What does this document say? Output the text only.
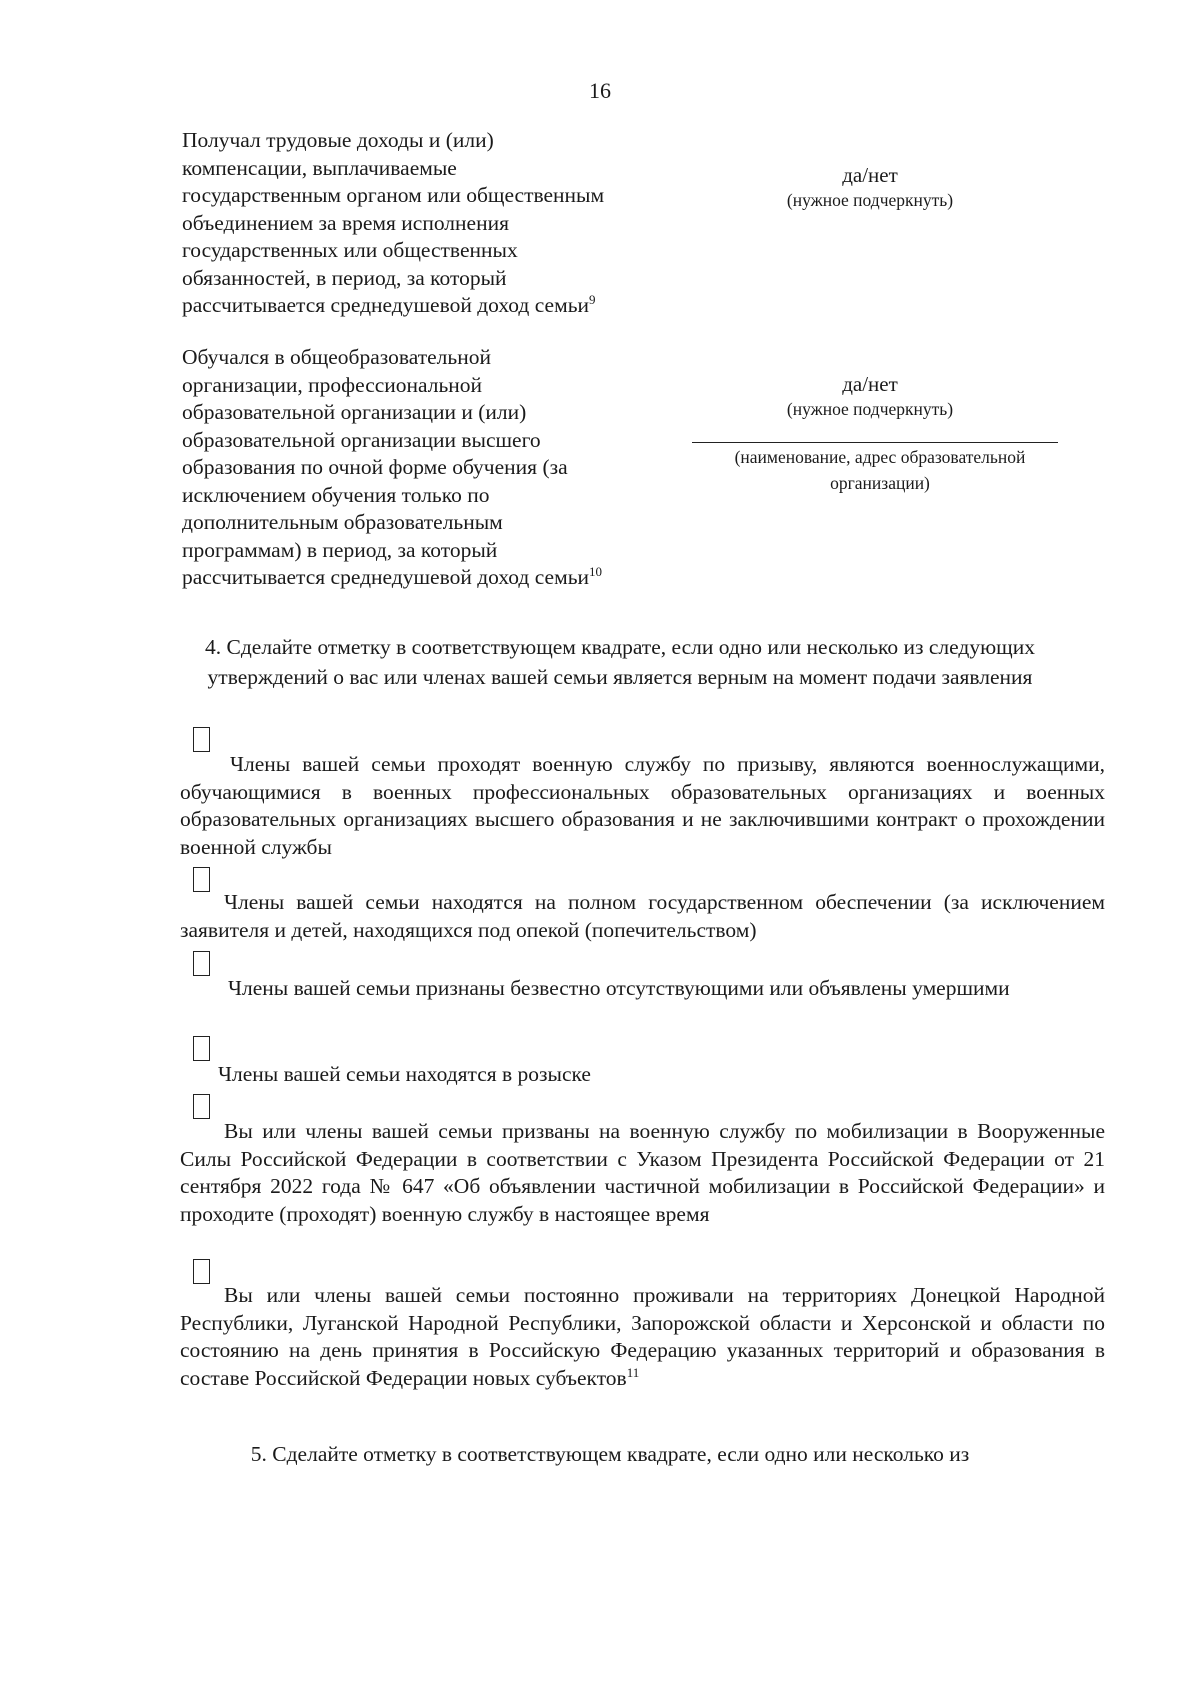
16
Получал трудовые доходы и (или) компенсации, выплачиваемые государственным органом или общественным объединением за время исполнения государственных или общественных обязанностей, в период, за который рассчитывается среднедушевой доход семьи$^9$
да/нет
(нужное подчеркнуть)
Обучался в общеобразовательной организации, профессиональной образовательной организации и (или) образовательной организации высшего образования по очной форме обучения (за исключением обучения только по дополнительным образовательным программам) в период, за который рассчитывается среднедушевой доход семьи$^{10}$
да/нет
(нужное подчеркнуть)
(наименование, адрес образовательной организации)
4. Сделайте отметку в соответствующем квадрате, если одно или несколько из следующих утверждений о вас или членах вашей семьи является верным на момент подачи заявления
Члены вашей семьи проходят военную службу по призыву, являются военнослужащими, обучающимися в военных профессиональных образовательных организациях и военных образовательных организациях высшего образования и не заключившими контракт о прохождении военной службы
Члены вашей семьи находятся на полном государственном обеспечении (за исключением заявителя и детей, находящихся под опекой (попечительством)
Члены вашей семьи признаны безвестно отсутствующими или объявлены умершими
Члены вашей семьи находятся в розыске
Вы или члены вашей семьи призваны на военную службу по мобилизации в Вооруженные Силы Российской Федерации в соответствии с Указом Президента Российской Федерации от 21 сентября 2022 года № 647 «Об объявлении частичной мобилизации в Российской Федерации» и проходите (проходят) военную службу в настоящее время
Вы или члены вашей семьи постоянно проживали на территориях Донецкой Народной Республики, Луганской Народной Республики, Запорожской области и Херсонской и области по состоянию на день принятия в Российскую Федерацию указанных территорий и образования в составе Российской Федерации новых субъектов$^{11}$
5. Сделайте отметку в соответствующем квадрате, если одно или несколько из
